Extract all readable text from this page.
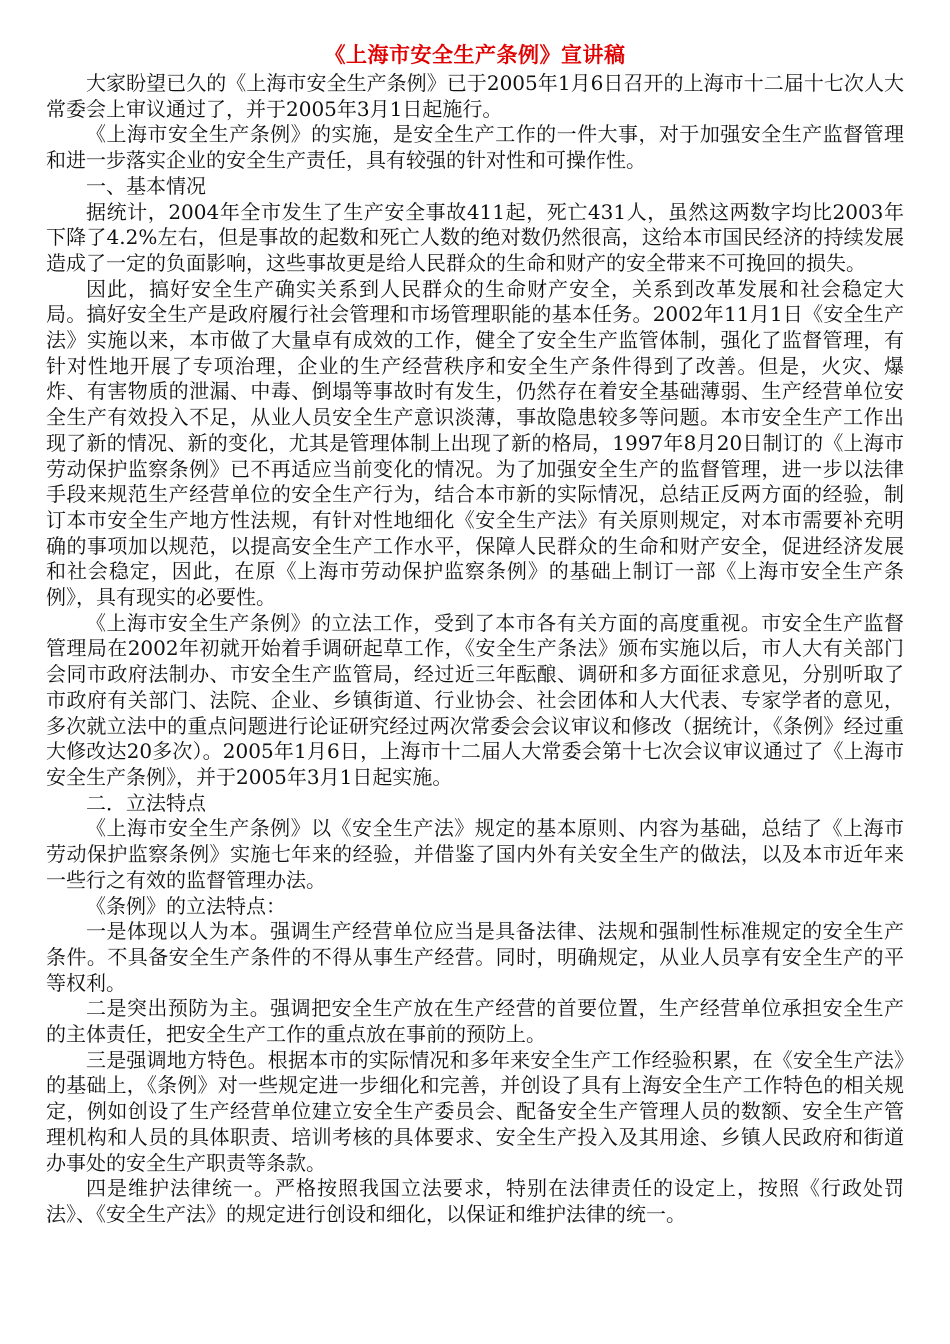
《上海市安全生产条例》宣讲稿

大家盼望已久的《上海市安全生产条例》已于2005年1月6日召开的上海市十二届十七次人大常委会上审议通过了，并于2005年3月1日起施行。

《上海市安全生产条例》的实施，是安全生产工作的一件大事，对于加强安全生产监督管理和进一步落实企业的安全生产责任，具有较强的针对性和可操作性。

一、基本情况

据统计，2004年全市发生了生产安全事故411起，死亡431人，虽然这两数字均比2003年下降了4.2%左右，但是事故的起数和死亡人数的绝对数仍然很高，这给本市国民经济的持续发展造成了一定的负面影响，这些事故更是给人民群众的生命和财产的安全带来不可挽回的损失。

因此，搞好安全生产确实关系到人民群众的生命财产安全，关系到改革发展和社会稳定大局。搞好安全生产是政府履行社会管理和市场管理职能的基本任务。2002年11月1日《安全生产法》实施以来，本市做了大量卓有成效的工作，健全了安全生产监管体制，强化了监督管理，有针对性地开展了专项治理，企业的生产经营秩序和安全生产条件得到了改善。但是，火灾、爆炸、有害物质的泄漏、中毒、倒塌等事故时有发生，仍然存在着安全基础薄弱、生产经营单位安全生产有效投入不足，从业人员安全生产意识淡薄，事故隐患较多等问题。本市安全生产工作出现了新的情况、新的变化，尤其是管理体制上出现了新的格局，1997年8月20日制订的《上海市劳动保护监察条例》已不再适应当前变化的情况。为了加强安全生产的监督管理，进一步以法律手段来规范生产经营单位的安全生产行为，结合本市新的实际情况，总结正反两方面的经验，制订本市安全生产地方性法规，有针对性地细化《安全生产法》有关原则规定，对本市需要补充明确的事项加以规范，以提高安全生产工作水平，保障人民群众的生命和财产安全，促进经济发展和社会稳定，因此，在原《上海市劳动保护监察条例》的基础上制订一部《上海市安全生产条例》，具有现实的必要性。

《上海市安全生产条例》的立法工作，受到了本市各有关方面的高度重视。市安全生产监督管理局在2002年初就开始着手调研起草工作，《安全生产条法》颁布实施以后，市人大有关部门会同市政府法制办、市安全生产监管局，经过近三年酝酿、调研和多方面征求意见，分别听取了市政府有关部门、法院、企业、乡镇街道、行业协会、社会团体和人大代表、专家学者的意见，多次就立法中的重点问题进行论证研究经过两次常委会会议审议和修改（据统计，《条例》经过重大修改达20多次）。2005年1月6日，上海市十二届人大常委会第十七次会议审议通过了《上海市安全生产条例》，并于2005年3月1日起实施。

二．立法特点

《上海市安全生产条例》以《安全生产法》规定的基本原则、内容为基础，总结了《上海市劳动保护监察条例》实施七年来的经验，并借鉴了国内外有关安全生产的做法，以及本市近年来一些行之有效的监督管理办法。

《条例》的立法特点：

一是体现以人为本。强调生产经营单位应当是具备法律、法规和强制性标准规定的安全生产条件。不具备安全生产条件的不得从事生产经营。同时，明确规定，从业人员享有安全生产的平等权利。

二是突出预防为主。强调把安全生产放在生产经营的首要位置，生产经营单位承担安全生产的主体责任，把安全生产工作的重点放在事前的预防上。

三是强调地方特色。根据本市的实际情况和多年来安全生产工作经验积累，在《安全生产法》的基础上，《条例》对一些规定进一步细化和完善，并创设了具有上海安全生产工作特色的相关规定，例如创设了生产经营单位建立安全生产委员会、配备安全生产管理人员的数额、安全生产管理机构和人员的具体职责、培训考核的具体要求、安全生产投入及其用途、乡镇人民政府和街道办事处的安全生产职责等条款。

四是维护法律统一。严格按照我国立法要求，特别在法律责任的设定上，按照《行政处罚法》、《安全生产法》的规定进行创设和细化，以保证和维护法律的统一。
